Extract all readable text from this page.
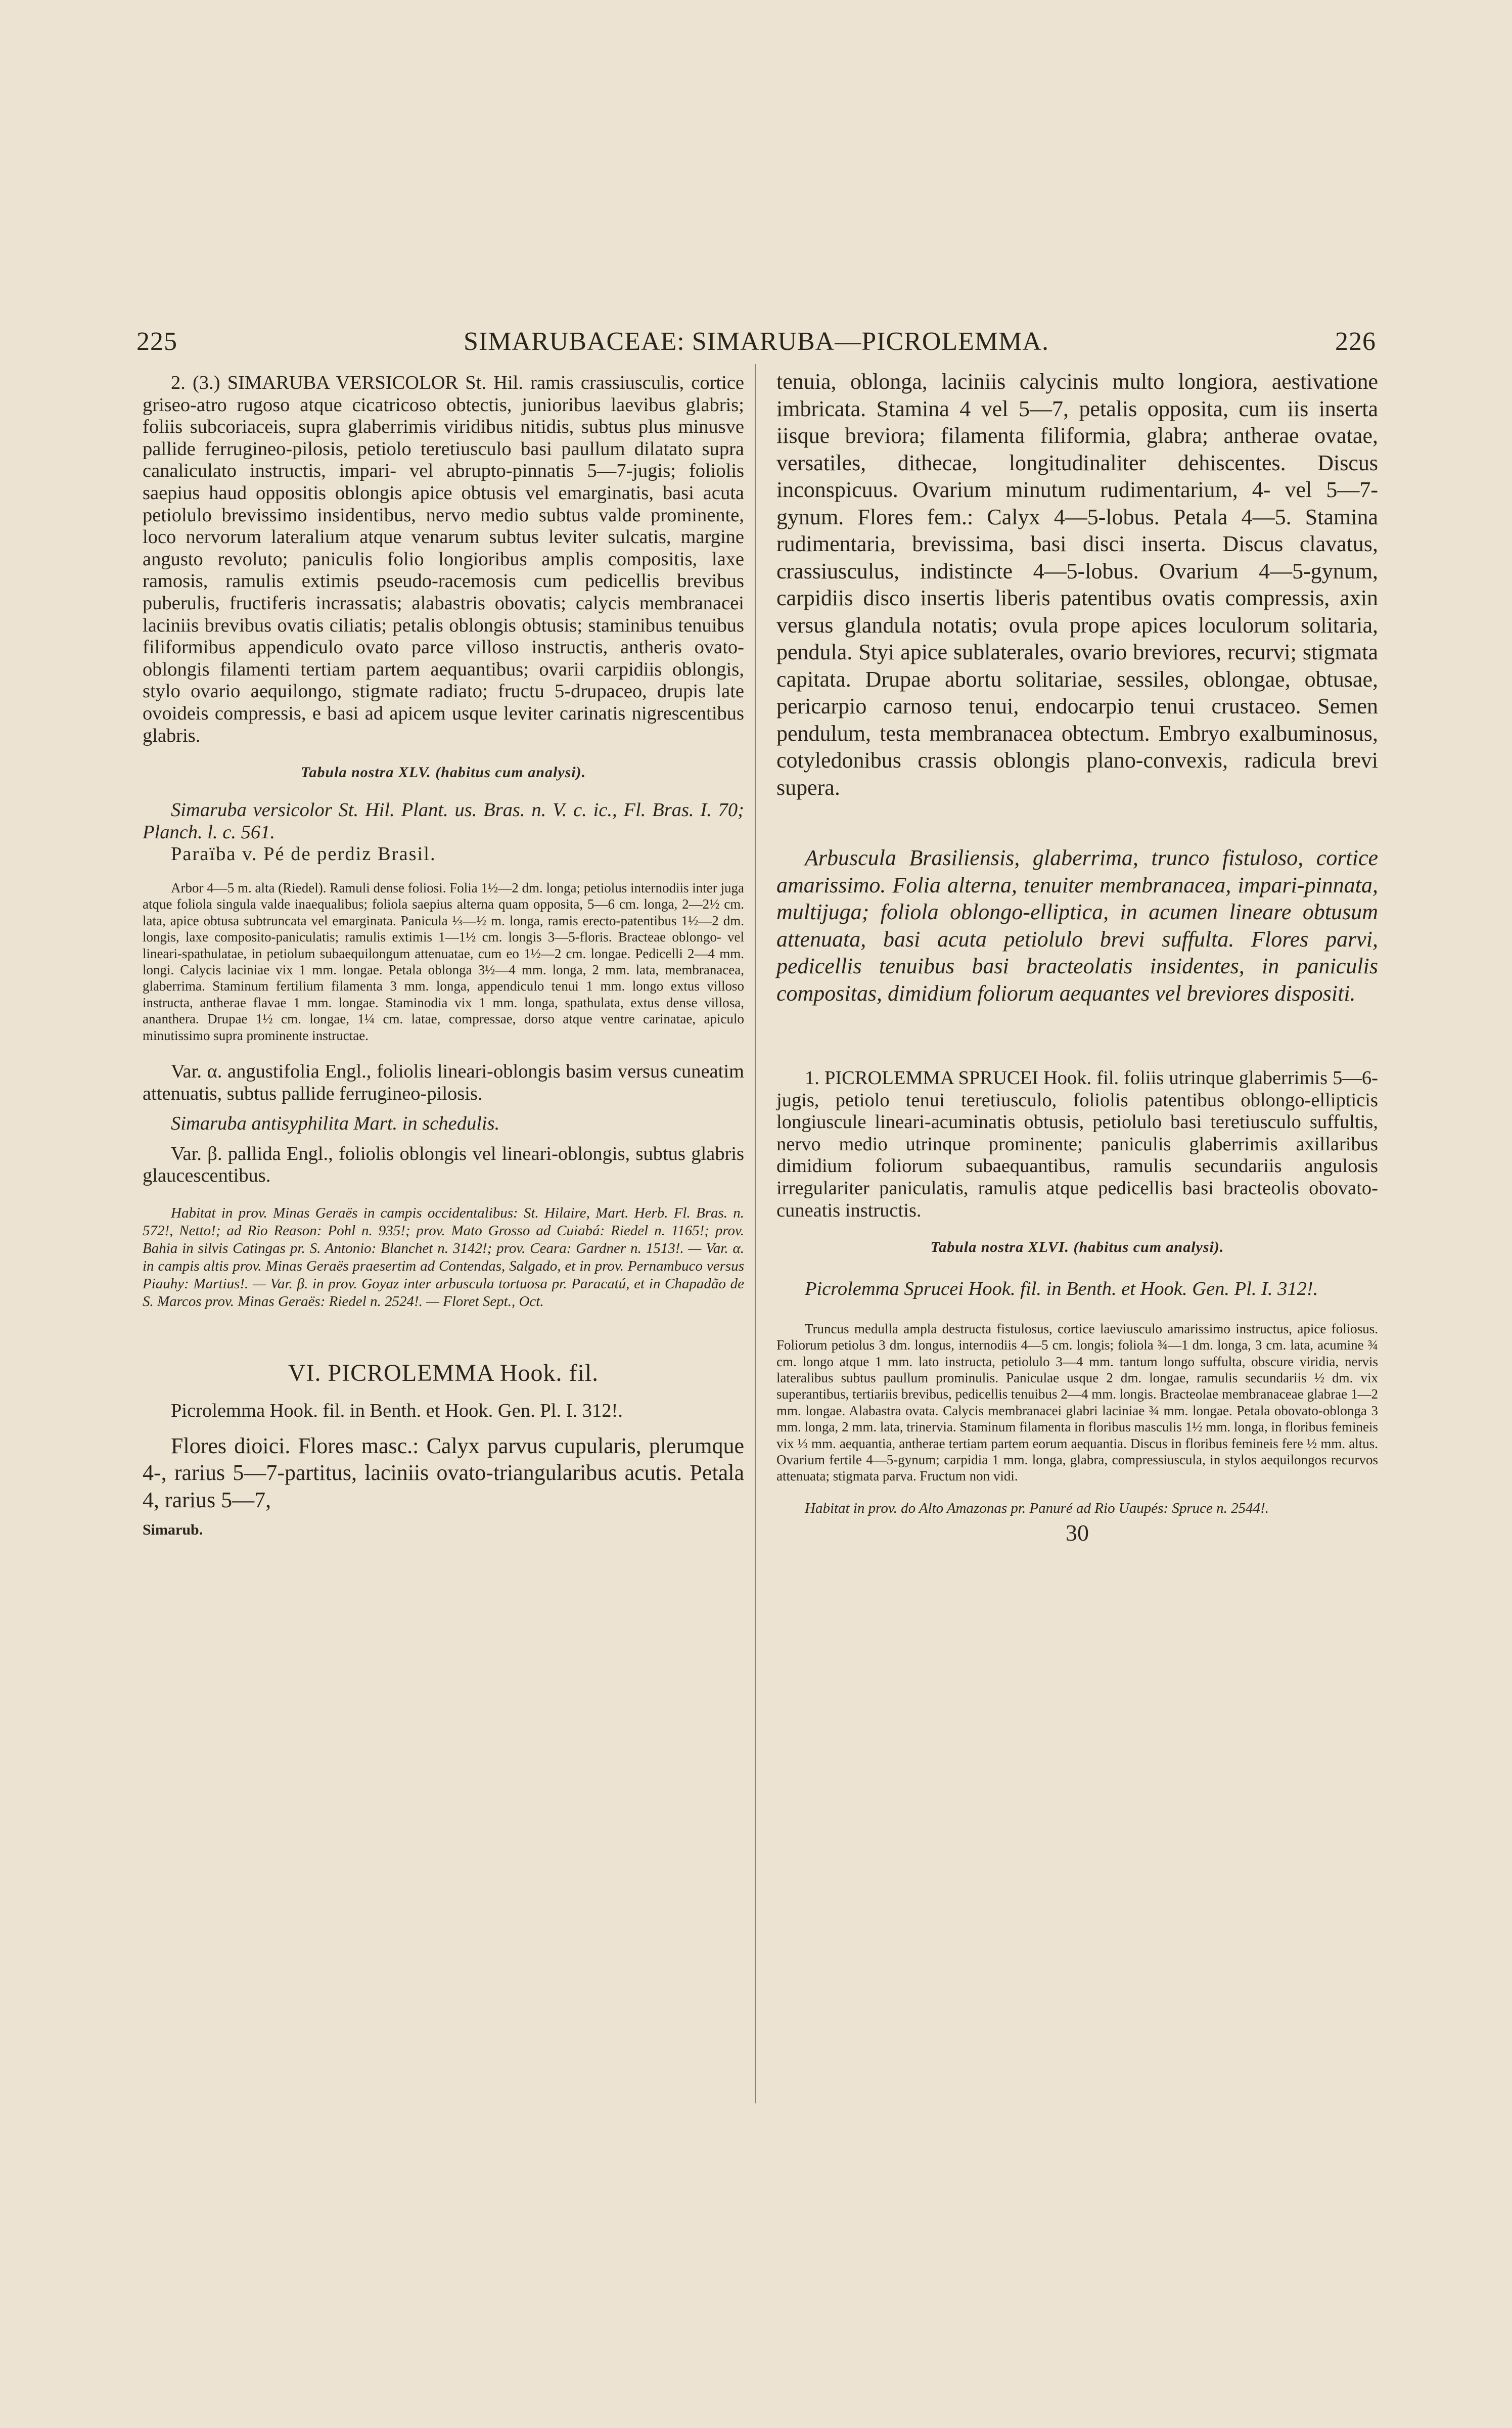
225	SIMARUBACEAE: SIMARUBA—PICROLEMMA.	226

2. (3.) SIMARUBA VERSICOLOR St. Hil. ramis crassiusculis, cortice griseo-atro rugoso atque cicatricoso obtectis, junioribus laevibus glabris; foliis subcoriaceis, supra glaberrimis viridibus nitidis, subtus plus minusve pallide ferrugineo-pilosis, petiolo teretiusculo basi paullum dilatato supra canaliculato instructis, impari- vel abrupto-pinnatis 5—7-jugis; foliolis saepius haud oppositis oblongis apice obtusis vel emarginatis, basi acuta petiolulo brevissimo insidentibus, nervo medio subtus valde prominente, loco nervorum lateralium atque venarum subtus leviter sulcatis, margine angusto revoluto; paniculis folio longioribus amplis compositis, laxe ramosis, ramulis extimis pseudo-racemosis cum pedicellis brevibus puberulis, fructiferis incrassatis; alabastris obovatis; calycis membranacei laciniis brevibus ovatis ciliatis; petalis oblongis obtusis; staminibus tenuibus filiformibus appendiculo ovato parce villoso instructis, antheris ovato-oblongis filamenti tertiam partem aequantibus; ovarii carpidiis oblongis, stylo ovario aequilongo, stigmate radiato; fructu 5-drupaceo, drupis late ovoideis compressis, e basi ad apicem usque leviter carinatis nigrescentibus glabris.

Tabula nostra XLV. (habitus cum analysi).

Simaruba versicolor St. Hil. Plant. us. Bras. n. V. c. ic., Fl. Bras. I. 70; Planch. l. c. 561.

Paraïba v. Pé de perdiz Brasil.

Arbor 4—5 m. alta (Riedel). Ramuli dense foliosi. Folia 1½—2 dm. longa; petiolus internodiis inter juga atque foliola singula valde inaequalibus; foliola saepius alterna quam opposita, 5—6 cm. longa, 2—2½ cm. lata, apice obtusa subtruncata vel emarginata. Panicula ⅓—½ m. longa, ramis erecto-patentibus 1½—2 dm. longis, laxe composito-paniculatis; ramulis extimis 1—1½ cm. longis 3—5-floris. Bracteae oblongo- vel lineari-spathulatae, in petiolum subaequilongum attenuatae, cum eo 1½—2 cm. longae. Pedicelli 2—4 mm. longi. Calycis laciniae vix 1 mm. longae. Petala oblonga 3½—4 mm. longa, 2 mm. lata, membranacea, glaberrima. Staminum fertilium filamenta 3 mm. longa, appendiculo tenui 1 mm. longo extus villoso instructa, antherae flavae 1 mm. longae. Staminodia vix 1 mm. longa, spathulata, extus dense villosa, anantherа. Drupae 1½ cm. longae, 1¼ cm. latae, compressae, dorso atque ventre carinatae, apiculo minutissimo supra prominente instructae.

Var. α. angustifolia Engl., foliolis lineari-oblongis basim versus cuneatim attenuatis, subtus pallide ferrugineo-pilosis.

Simaruba antisyphilita Mart. in schedulis.

Var. β. pallida Engl., foliolis oblongis vel lineari-oblongis, subtus glabris glaucescentibus.

Habitat in prov. Minas Geraës in campis occidentalibus: St. Hilaire, Mart. Herb. Fl. Bras. n. 572!, Netto!; ad Rio Reason: Pohl n. 935!; prov. Mato Grosso ad Cuiabá: Riedel n. 1165!; prov. Bahia in silvis Catingas pr. S. Antonio: Blanchet n. 3142!; prov. Ceara: Gardner n. 1513!. — Var. α. in campis altis prov. Minas Geraës praesertim ad Contendas, Salgado, et in prov. Pernambuco versus Piauhy: Martius!. — Var. β. in prov. Goyaz inter arbuscula tortuosa pr. Paracatú, et in Chapadão de S. Marcos prov. Minas Geraës: Riedel n. 2524!. — Floret Sept., Oct.

VI. PICROLEMMA Hook. fil.

Picrolemma Hook. fil. in Benth. et Hook. Gen. Pl. I. 312!.

Flores dioici. Flores masc.: Calyx parvus cupularis, plerumque 4-, rarius 5—7-partitus, laciniis ovato-triangularibus acutis. Petala 4, rarius 5—7,

Simarub.

tenuia, oblonga, laciniis calycinis multo longiora, aestivatione imbricata. Stamina 4 vel 5—7, petalis opposita, cum iis inserta iisque breviora; filamenta filiformia, glabra; antherae ovatae, versatiles, dithecae, longitudinaliter dehiscentes. Discus inconspicuus. Ovarium minutum rudimentarium, 4- vel 5—7-gynum. Flores fem.: Calyx 4—5-lobus. Petala 4—5. Stamina rudimentaria, brevissima, basi disci inserta. Discus clavatus, crassiusculus, indistincte 4—5-lobus. Ovarium 4—5-gynum, carpidiis disco insertis liberis patentibus ovatis compressis, axin versus glandula notatis; ovula prope apices loculorum solitaria, pendula. Styi apice sublaterales, ovario breviores, recurvi; stigmata capitata. Drupae abortu solitariae, sessiles, oblongae, obtusae, pericarpio carnoso tenui, endocarpio tenui crustaceo. Semen pendulum, testa membranacea obtectum. Embryo exalbuminosus, cotyledonibus crassis oblongis plano-convexis, radicula brevi supera.

Arbuscula Brasiliensis, glaberrima, trunco fistuloso, cortice amarissimo. Folia alterna, tenuiter membranacea, impari-pinnata, multijuga; foliola oblongo-elliptica, in acumen lineare obtusum attenuata, basi acuta petiolulo brevi suffulta. Flores parvi, pedicellis tenuibus basi bracteolatis insidentes, in paniculis compositas, dimidium foliorum aequantes vel breviores dispositi.

1. PICROLEMMA SPRUCEI Hook. fil. foliis utrinque glaberrimis 5—6-jugis, petiolo tenui teretiusculo, foliolis patentibus oblongo-ellipticis longiuscule lineari-acuminatis obtusis, petiolulo basi teretiusculo suffultis, nervo medio utrinque prominente; paniculis glaberrimis axillaribus dimidium foliorum subaequantibus, ramulis secundariis angulosis irregulariter paniculatis, ramulis atque pedicellis basi bracteolis obovato-cuneatis instructis.

Tabula nostra XLVI. (habitus cum analysi).

Picrolemma Sprucei Hook. fil. in Benth. et Hook. Gen. Pl. I. 312!.

Truncus medulla ampla destructa fistulosus, cortice laeviusculo amarissimo instructus, apice foliosus. Foliorum petiolus 3 dm. longus, internodiis 4—5 cm. longis; foliola ¾—1 dm. longa, 3 cm. lata, acumine ¾ cm. longo atque 1 mm. lato instructa, petiolulo 3—4 mm. tantum longo suffulta, obscure viridia, nervis lateralibus subtus paullum prominulis. Paniculae usque 2 dm. longae, ramulis secundariis ½ dm. vix superantibus, tertiariis brevibus, pedicellis tenuibus 2—4 mm. longis. Bracteolae membranaceae glabrae 1—2 mm. longae. Alabastra ovata. Calycis membranacei glabri laciniae ¾ mm. longae. Petala obovato-oblonga 3 mm. longa, 2 mm. lata, trinervia. Staminum filamenta in floribus masculis 1½ mm. longa, in floribus femineis vix ⅓ mm. aequantia, antherae tertiam partem eorum aequantia. Discus in floribus femineis fere ½ mm. altus. Ovarium fertile 4—5-gynum; carpidia 1 mm. longa, glabra, compressiuscula, in stylos aequilongos recurvos attenuata; stigmata parva. Fructum non vidi.

Habitat in prov. do Alto Amazonas pr. Panuré ad Rio Uaupés: Spruce n. 2544!.

30
